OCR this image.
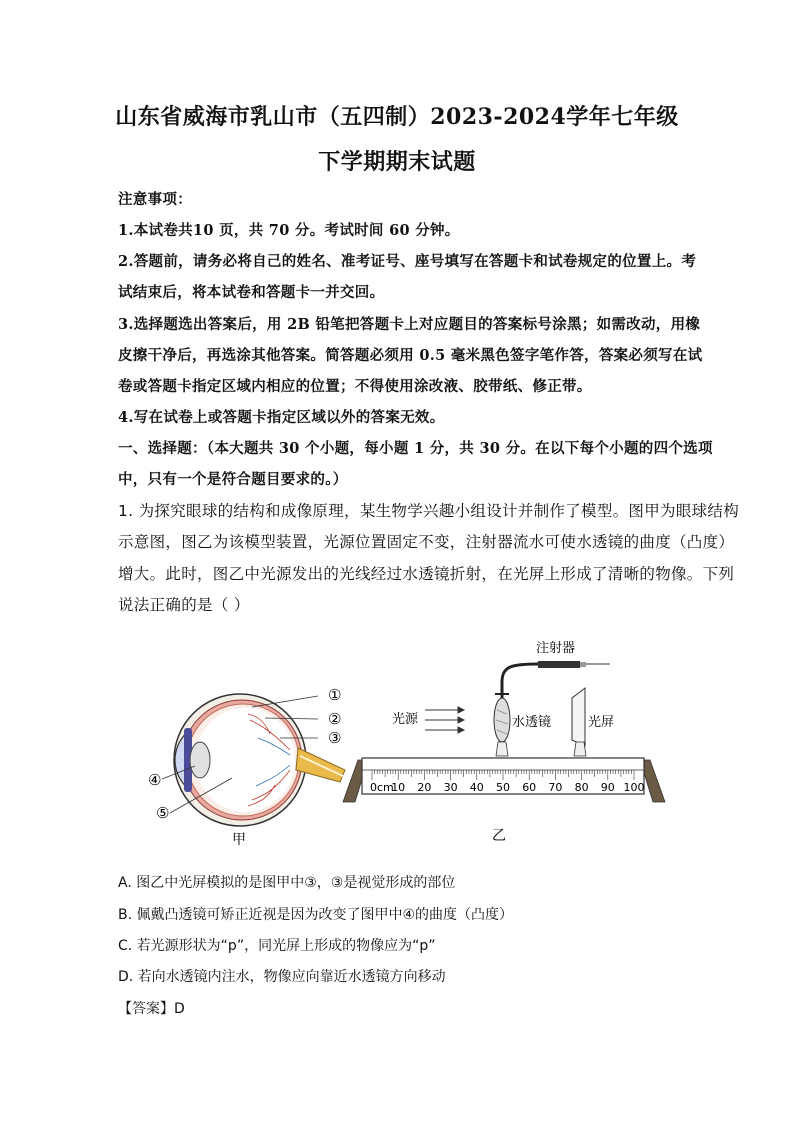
山东省威海市乳山市（五四制）2023-2024学年七年级
下学期期末试题
注意事项：
1.本试卷共10 页，共 70 分。考试时间 60 分钟。
2.答题前，请务必将自己的姓名、准考证号、座号填写在答题卡和试卷规定的位置上。考
试结束后，将本试卷和答题卡一并交回。
3.选择题选出答案后，用 2B 铅笔把答题卡上对应题目的答案标号涂黑；如需改动，用橡
皮擦干净后，再选涂其他答案。简答题必须用 0.5 毫米黑色签字笔作答，答案必须写在试
卷或答题卡指定区域内相应的位置；不得使用涂改液、胶带纸、修正带。
4.写在试卷上或答题卡指定区域以外的答案无效。
一、选择题：（本大题共 30 个小题，每小题 1 分，共 30 分。在以下每个小题的四个选项
中，只有一个是符合题目要求的。）
1. 为探究眼球的结构和成像原理，某生物学兴趣小组设计并制作了模型。图甲为眼球结构
示意图，图乙为该模型装置，光源位置固定不变，注射器流水可使水透镜的曲度（凸度）
增大。此时，图乙中光源发出的光线经过水透镜折射，在光屏上形成了清晰的物像。下列
说法正确的是（ ）
①
②
③
④
⑤
甲
注射器
水透镜
光源	光屏
0cm
10 20 30 40 50 60 70 80 90 100
乙
A. 图乙中光屏模拟的是图甲中③，③是视觉形成的部位
B. 佩戴凸透镜可矫正近视是因为改变了图甲中④的曲度（凸度）
C. 若光源形状为“p”，同光屏上形成的物像应为“p”
D. 若向水透镜内注水，物像应向靠近水透镜方向移动
【答案】D
